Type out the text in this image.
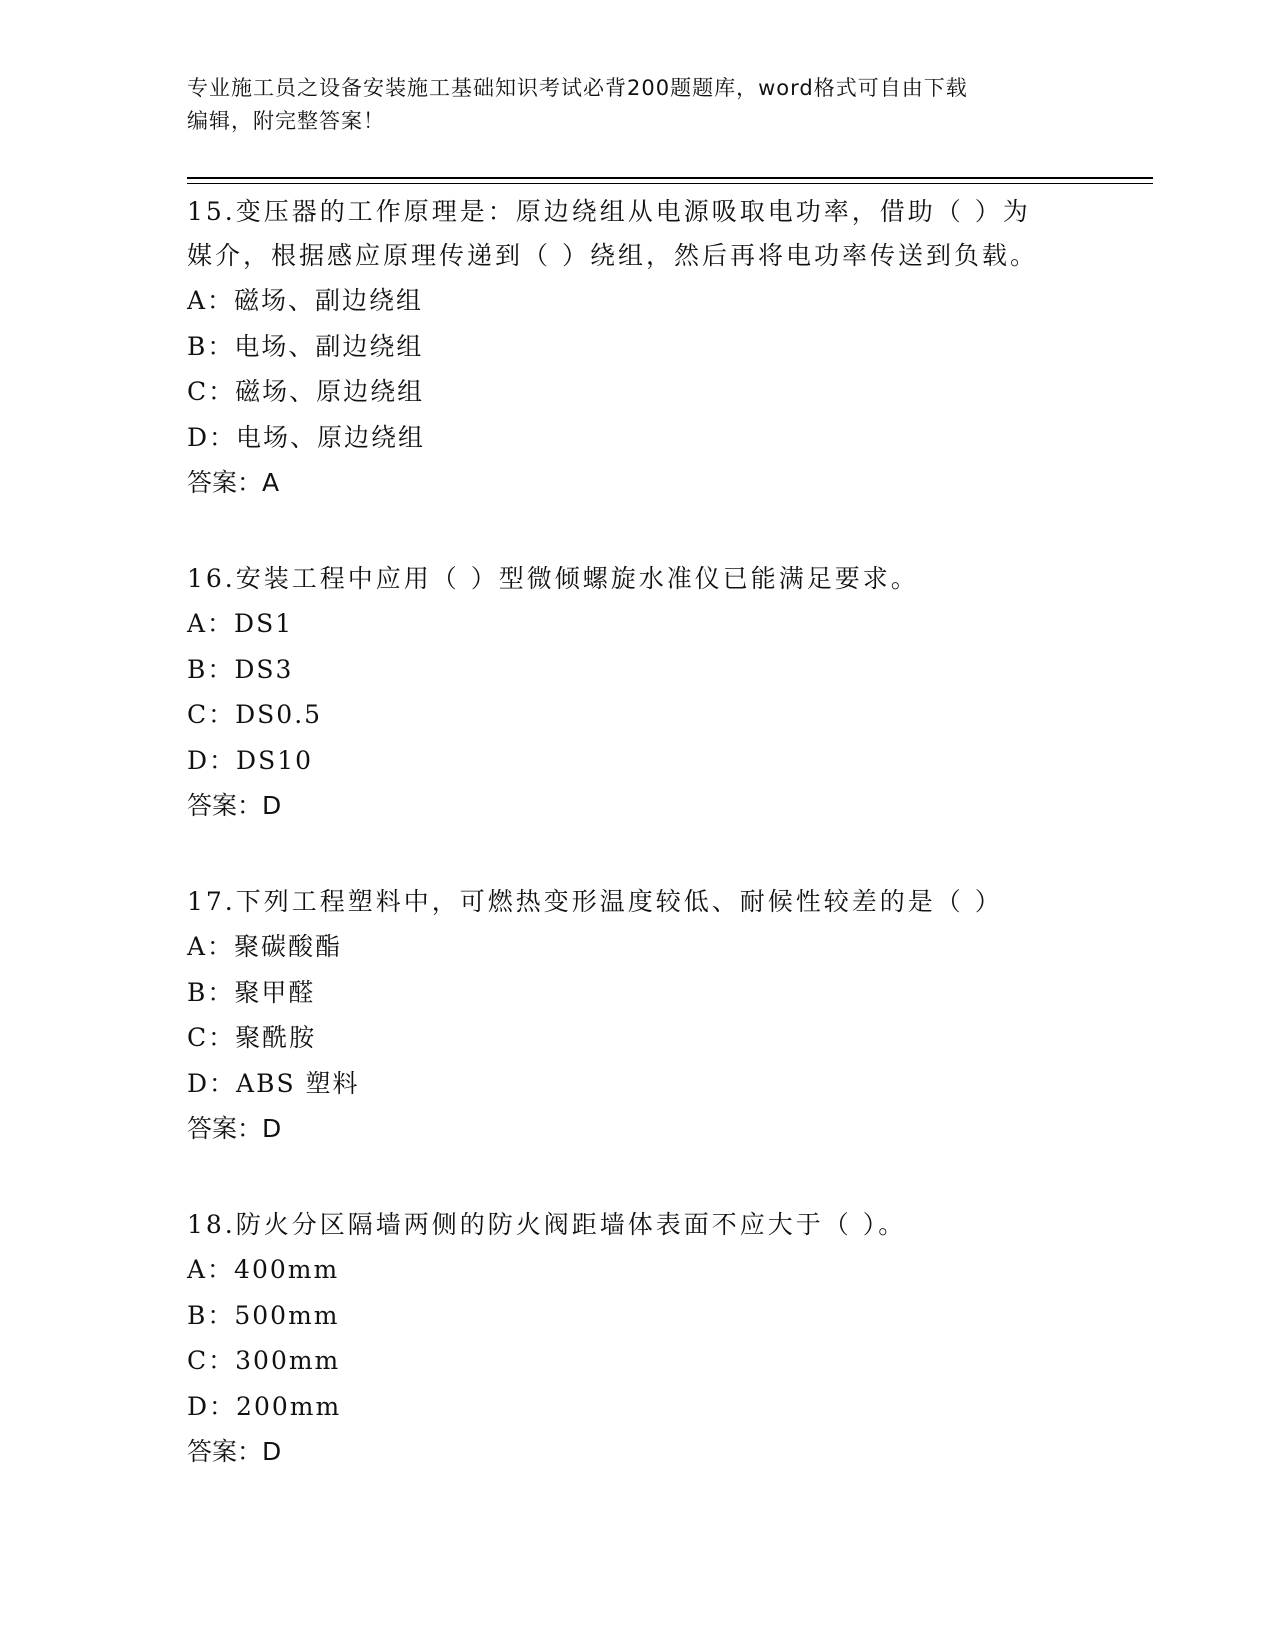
专业施工员之设备安装施工基础知识考试必背200题题库，word格式可自由下载
编辑，附完整答案！

15.变压器的工作原理是：原边绕组从电源吸取电功率，借助（ ）为

媒介，根据感应原理传递到（ ）绕组，然后再将电功率传送到负载。

A：磁场、副边绕组

B：电场、副边绕组

C：磁场、原边绕组

D：电场、原边绕组

答案：A

16.安装工程中应用（ ）型微倾螺旋水准仪已能满足要求。

A：DS1

B：DS3

C：DS0.5

D：DS10

答案：D

17.下列工程塑料中，可燃热变形温度较低、耐候性较差的是（ ）

A：聚碳酸酯

B：聚甲醛

C：聚酰胺

D：ABS 塑料

答案：D

18.防火分区隔墙两侧的防火阀距墙体表面不应大于（ ）。

A：400mm

B：500mm

C：300mm

D：200mm

答案：D
